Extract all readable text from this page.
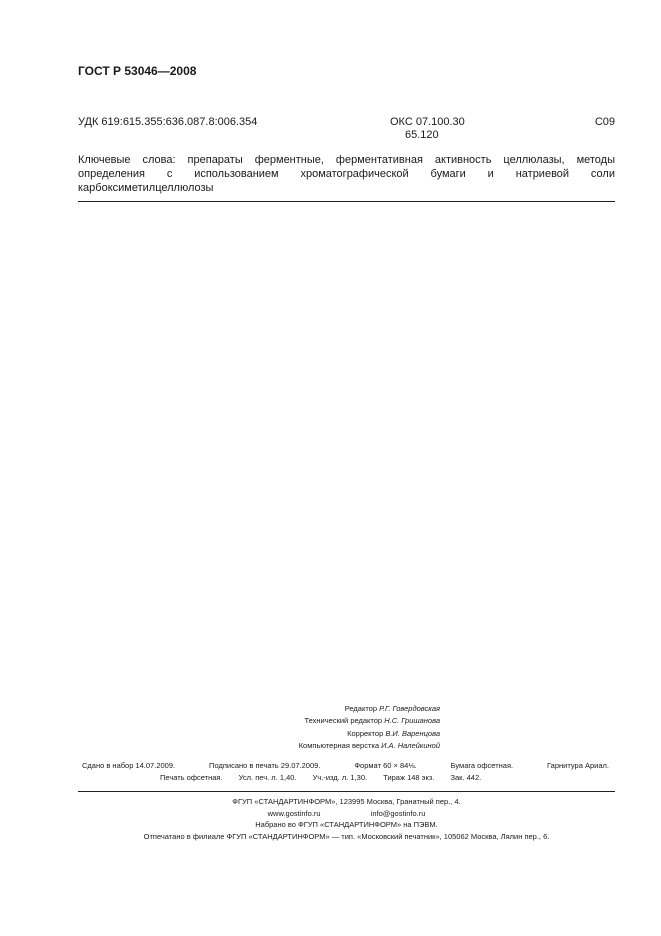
ГОСТ Р 53046—2008
УДК 619:615.355:636.087.8:006.354	ОКС 07.100.30
65.120
С09
Ключевые слова: препараты ферментные, ферментативная активность целлюлазы, методы определения с использованием хроматографической бумаги и натриевой соли карбоксиметилцеллюлозы
Редактор Р.Г. Говердовская
Технический редактор Н.С. Гришанова
Корректор В.И. Варенцова
Компьютерная верстка И.А. Налейкиной
Сдано в набор 14.07.2009.	Подписано в печать 29.07.2009.	Формат 60 × 84⅛.	Бумага офсетная.	Гарнитура Ариал.
Печать офсетная. Усл. печ. л. 1,40. Уч.-изд. л. 1,30. Тираж 148 экз. Зак. 442.
ФГУП «СТАНДАРТИНФОРМ», 123995 Москва, Гранатный пер., 4.
www.gostinfo.ru	info@gostinfo.ru
Набрано во ФГУП «СТАНДАРТИНФОРМ» на ПЭВМ.
Отпечатано в филиале ФГУП «СТАНДАРТИНФОРМ» — тип. «Московский печатник», 105062 Москва, Лялин пер., 6.
